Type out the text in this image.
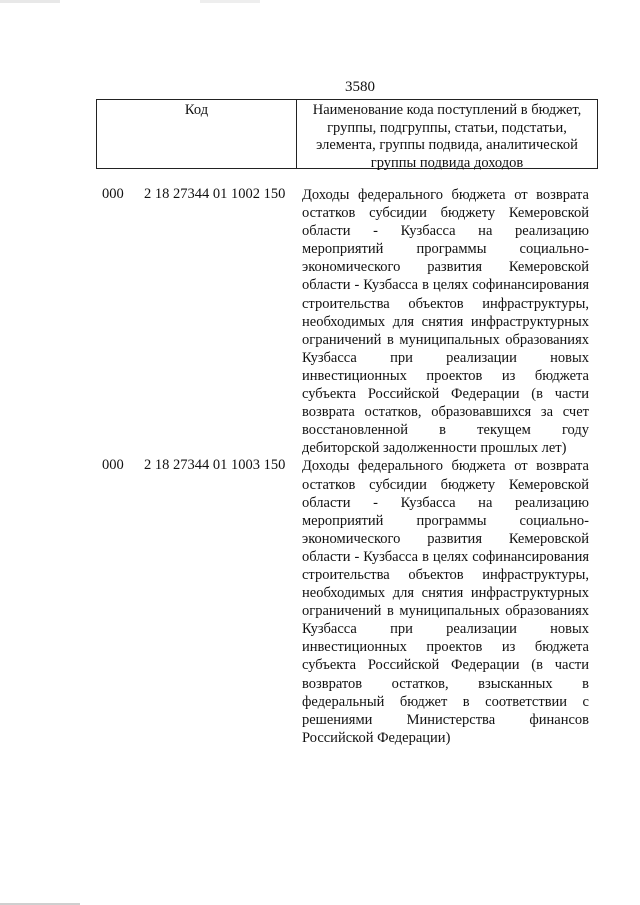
3580
Код	Наименование кода поступлений в бюджет, группы, подгруппы, статьи, подстатьи, элемента, группы подвида, аналитической группы подвида доходов
000 2 18 27344 01 1002 150 Доходы федерального бюджета от возврата
остатков субсидии бюджету Кемеровской
области - Кузбасса на реализацию
мероприятий программы социально-
экономического развития Кемеровской
области - Кузбасса в целях софинансирования
строительства объектов инфраструктуры,
необходимых для снятия инфраструктурных
ограничений в муниципальных образованиях
Кузбасса при реализации новых
инвестиционных проектов из бюджета
субъекта Российской Федерации (в части
возврата остатков, образовавшихся за счет
восстановленной в текущем году
дебиторской задолженности прошлых лет)
000 2 18 27344 01 1003 150 Доходы федерального бюджета от возврата
остатков субсидии бюджету Кемеровской
области - Кузбасса на реализацию
мероприятий программы социально-
экономического развития Кемеровской
области - Кузбасса в целях софинансирования
строительства объектов инфраструктуры,
необходимых для снятия инфраструктурных
ограничений в муниципальных образованиях
Кузбасса при реализации новых
инвестиционных проектов из бюджета
субъекта Российской Федерации (в части
возвратов остатков, взысканных в
федеральный бюджет в соответствии с
решениями Министерства финансов
Российской Федерации)
